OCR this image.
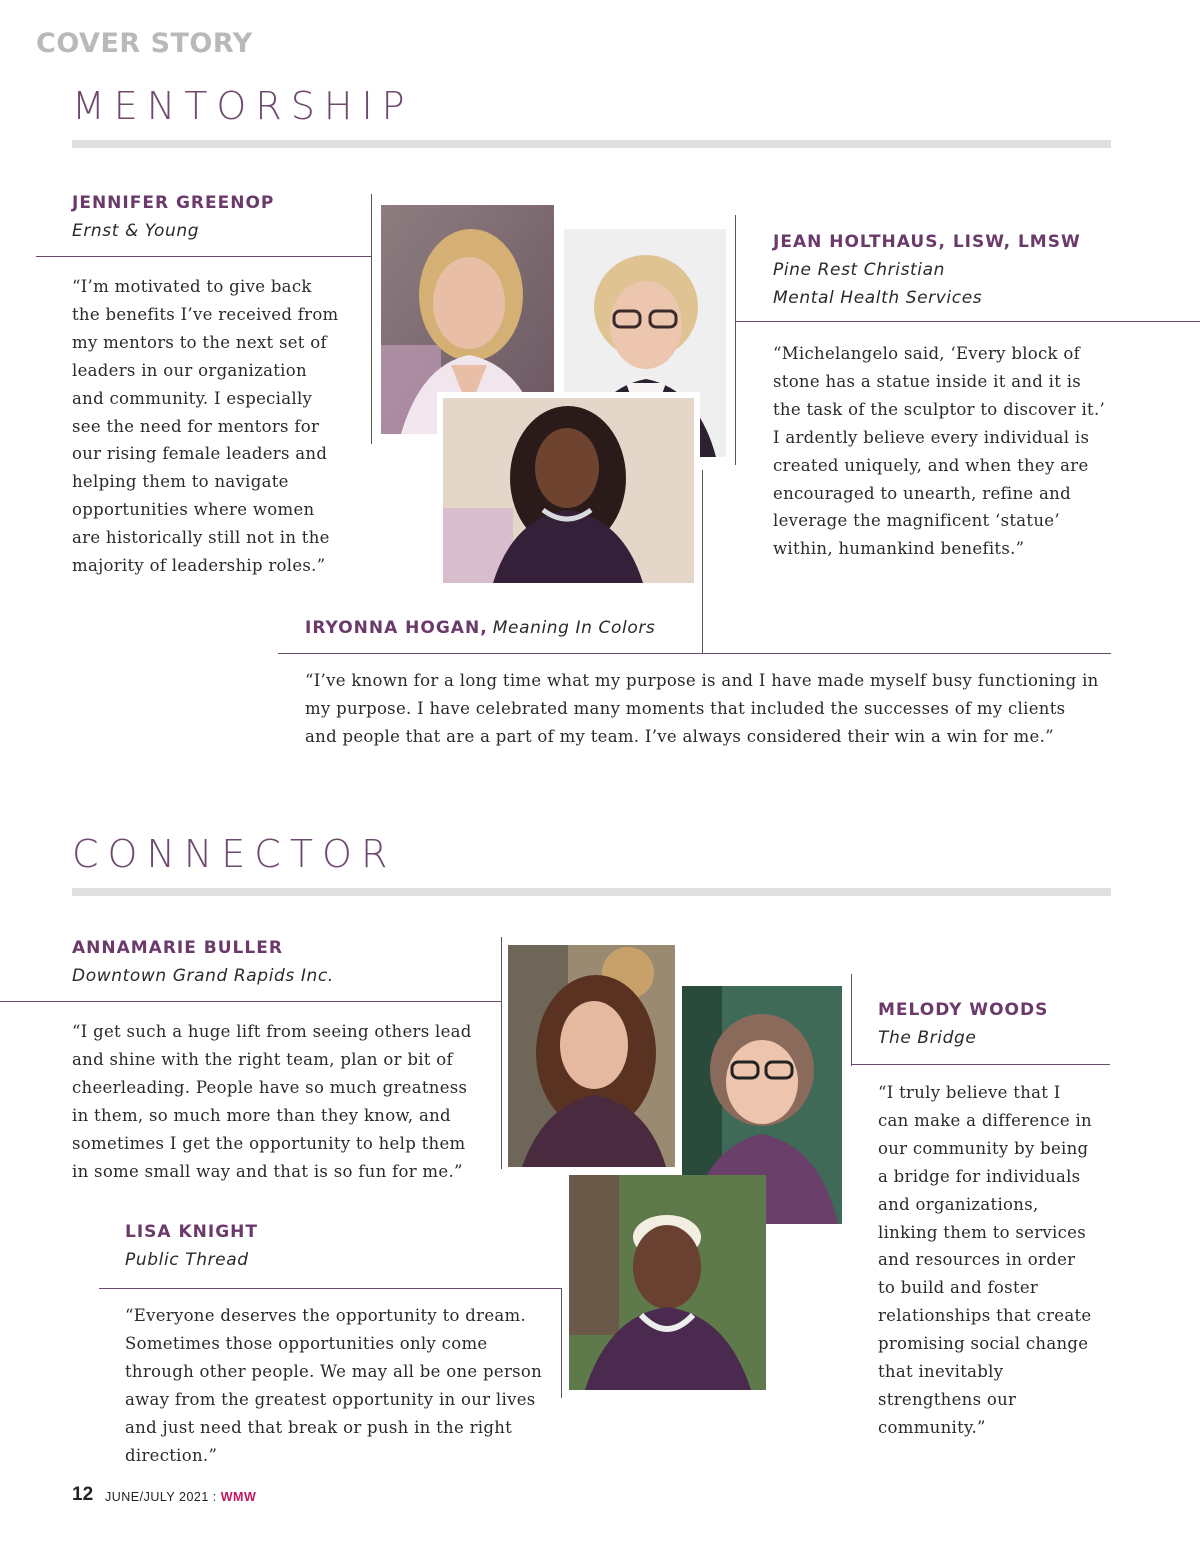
COVER STORY
MENTORSHIP
JENNIFER GREENOP
Ernst & Young
“I’m motivated to give back the benefits I’ve received from my mentors to the next set of leaders in our organization and community. I especially see the need for mentors for our rising female leaders and helping them to navigate opportunities where women are historically still not in the majority of leadership roles.”
JEAN HOLTHAUS, LISW, LMSW
Pine Rest Christian
Mental Health Services
“Michelangelo said, ‘Every block of stone has a statue inside it and it is the task of the sculptor to discover it.’ I ardently believe every individual is created uniquely, and when they are encouraged to unearth, refine and leverage the magnificent ‘statue’ within, humankind benefits.”
IRYONNA HOGAN, Meaning In Colors
“I’ve known for a long time what my purpose is and I have made myself busy functioning in my purpose. I have celebrated many moments that included the successes of my clients and people that are a part of my team. I’ve always considered their win a win for me.”
CONNECTOR
ANNAMARIE BULLER
Downtown Grand Rapids Inc.
“I get such a huge lift from seeing others lead and shine with the right team, plan or bit of cheerleading. People have so much greatness in them, so much more than they know, and sometimes I get the opportunity to help them in some small way and that is so fun for me.”
LISA KNIGHT
Public Thread
“Everyone deserves the opportunity to dream. Sometimes those opportunities only come through other people. We may all be one person away from the greatest opportunity in our lives and just need that break or push in the right direction.”
MELODY WOODS
The Bridge
“I truly believe that I can make a difference in our community by being a bridge for individuals and organizations, linking them to services and resources in order to build and foster relationships that create promising social change that inevitably strengthens our community.”
12 JUNE/JULY 2021 : WMW
